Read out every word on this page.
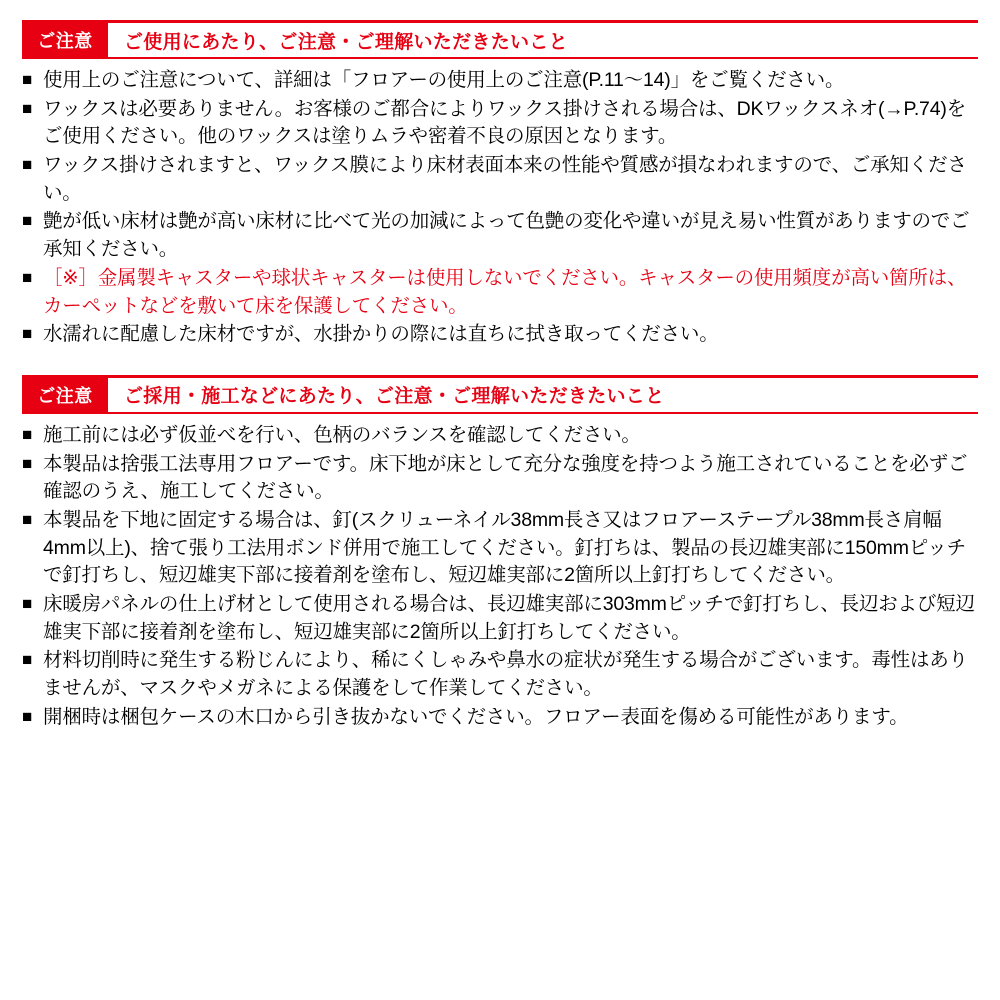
ご注意	ご使用にあたり、ご注意・ご理解いただきたいこと
■ 使用上のご注意について、詳細は「フロアーの使用上のご注意(P.11〜14)」をご覧ください。
■ ワックスは必要ありません。お客様のご都合によりワックス掛けされる場合は、DKワックスネオ(→P.74)をご使用ください。他のワックスは塗りムラや密着不良の原因となります。
■ ワックス掛けされますと、ワックス膜により床材表面本来の性能や質感が損なわれますので、ご承知ください。
■ 艶が低い床材は艶が高い床材に比べて光の加減によって色艶の変化や違いが見え易い性質がありますのでご承知ください。
■ ［※］金属製キャスターや球状キャスターは使用しないでください。キャスターの使用頻度が高い箇所は、カーペットなどを敷いて床を保護してください。
■ 水濡れに配慮した床材ですが、水掛かりの際には直ちに拭き取ってください。
ご注意	ご採用・施工などにあたり、ご注意・ご理解いただきたいこと
■ 施工前には必ず仮並べを行い、色柄のバランスを確認してください。
■ 本製品は捨張工法専用フロアーです。床下地が床として充分な強度を持つよう施工されていることを必ずご確認のうえ、施工してください。
■ 本製品を下地に固定する場合は、釘(スクリューネイル38mm長さ又はフロアーステープル38mm長さ肩幅4mm以上)、捨て張り工法用ボンド併用で施工してください。釘打ちは、製品の長辺雄実部に150mmピッチで釘打ちし、短辺雄実下部に接着剤を塗布し、短辺雄実部に2箇所以上釘打ちしてください。
■ 床暖房パネルの仕上げ材として使用される場合は、長辺雄実部に303mmピッチで釘打ちし、長辺および短辺雄実下部に接着剤を塗布し、短辺雄実部に2箇所以上釘打ちしてください。
■ 材料切削時に発生する粉じんにより、稀にくしゃみや鼻水の症状が発生する場合がございます。毒性はありませんが、マスクやメガネによる保護をして作業してください。
■ 開梱時は梱包ケースの木口から引き抜かないでください。フロアー表面を傷める可能性があります。
